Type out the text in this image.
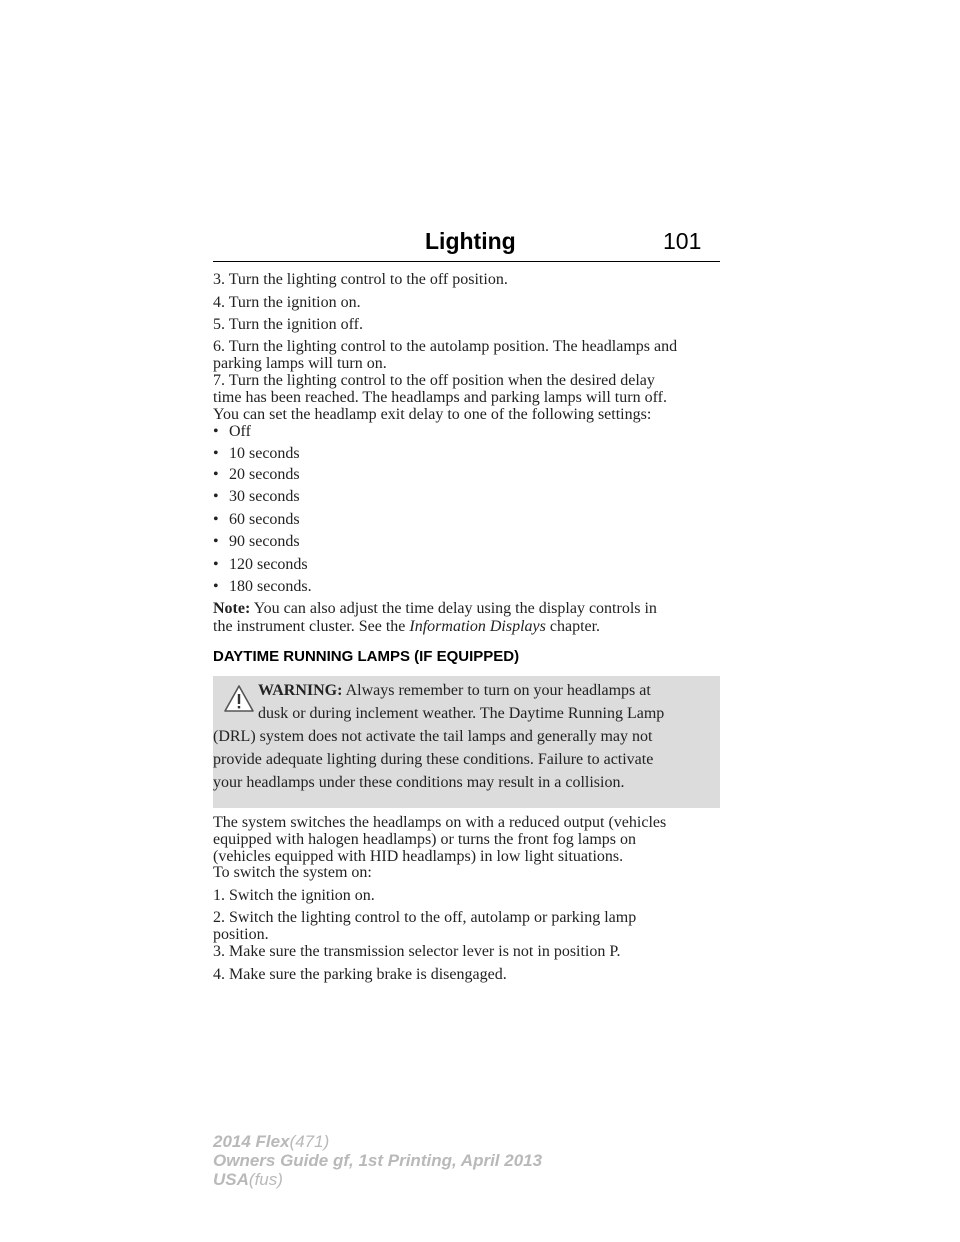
Lighting	101
3. Turn the lighting control to the off position.
4. Turn the ignition on.
5. Turn the ignition off.
6. Turn the lighting control to the autolamp position. The headlamps and
parking lamps will turn on.
7. Turn the lighting control to the off position when the desired delay
time has been reached. The headlamps and parking lamps will turn off.
You can set the headlamp exit delay to one of the following settings:
• Off
• 10 seconds
• 20 seconds
• 30 seconds
• 60 seconds
• 90 seconds
• 120 seconds
• 180 seconds.
Note: You can also adjust the time delay using the display controls in
the instrument cluster. See the Information Displays chapter.
DAYTIME RUNNING LAMPS (IF EQUIPPED)
WARNING: Always remember to turn on your headlamps at
dusk or during inclement weather. The Daytime Running Lamp
(DRL) system does not activate the tail lamps and generally may not
provide adequate lighting during these conditions. Failure to activate
your headlamps under these conditions may result in a collision.
The system switches the headlamps on with a reduced output (vehicles
equipped with halogen headlamps) or turns the front fog lamps on
(vehicles equipped with HID headlamps) in low light situations.
To switch the system on:
1. Switch the ignition on.
2. Switch the lighting control to the off, autolamp or parking lamp
position.
3. Make sure the transmission selector lever is not in position P.
4. Make sure the parking brake is disengaged.
2014 Flex(471)
Owners Guide gf, 1st Printing, April 2013
USA(fus)
